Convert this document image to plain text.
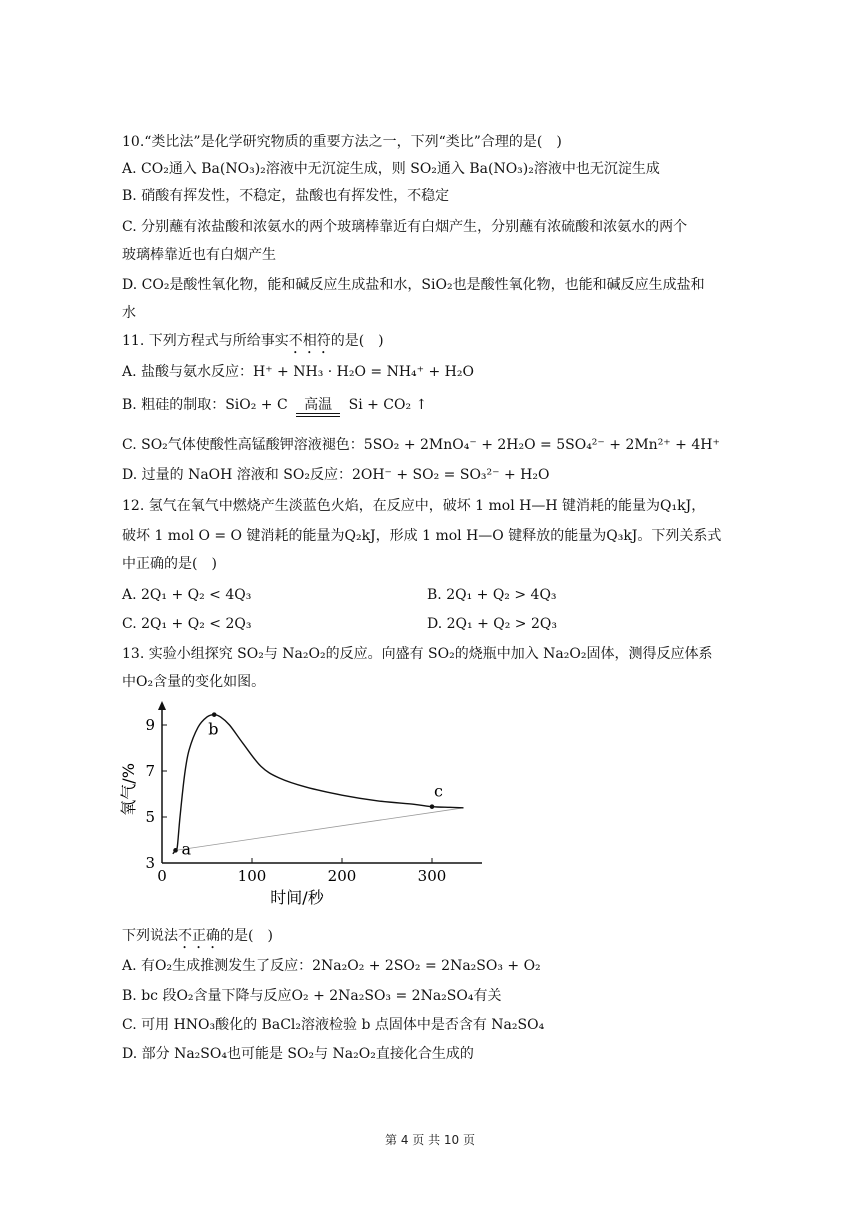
10.“类比法”是化学研究物质的重要方法之一，下列“类比”合理的是(　)
A. CO₂通入 Ba(NO₃)₂溶液中无沉淀生成，则 SO₂通入 Ba(NO₃)₂溶液中也无沉淀生成
B. 硝酸有挥发性，不稳定，盐酸也有挥发性，不稳定
C. 分别蘸有浓盐酸和浓氨水的两个玻璃棒靠近有白烟产生，分别蘸有浓硫酸和浓氨水的两个
玻璃棒靠近也有白烟产生
D. CO₂是酸性氧化物，能和碱反应生成盐和水，SiO₂也是酸性氧化物，也能和碱反应生成盐和
水
11. 下列方程式与所给事实不相符的是(　)
A. 盐酸与氨水反应：H⁺ + NH₃ · H₂O = NH₄⁺ + H₂O
B. 粗硅的制取：SiO₂ + C	高温	Si + CO₂ ↑
C. SO₂气体使酸性高锰酸钾溶液褪色：5SO₂ + 2MnO₄⁻ + 2H₂O = 5SO₄²⁻ + 2Mn²⁺ + 4H⁺
D. 过量的 NaOH 溶液和 SO₂反应：2OH⁻ + SO₂ = SO₃²⁻ + H₂O
12. 氢气在氧气中燃烧产生淡蓝色火焰，在反应中，破坏 1 mol H—H 键消耗的能量为Q₁kJ，
破坏 1 mol O = O 键消耗的能量为Q₂kJ，形成 1 mol H—O 键释放的能量为Q₃kJ。下列关系式
中正确的是(　)
A. 2Q₁ + Q₂ < 4Q₃	B. 2Q₁ + Q₂ > 4Q₃
C. 2Q₁ + Q₂ < 2Q₃	D. 2Q₁ + Q₂ > 2Q₃
13. 实验小组探究 SO₂与 Na₂O₂的反应。向盛有 SO₂的烧瓶中加入 Na₂O₂固体，测得反应体系
中O₂含量的变化如图。
0	100	200	300
3
5
7
9
时间/秒
氧气/%
a
b
c
下列说法不正确的是(　)
A. 有O₂生成推测发生了反应：2Na₂O₂ + 2SO₂ = 2Na₂SO₃ + O₂
B. bc 段O₂含量下降与反应O₂ + 2Na₂SO₃ = 2Na₂SO₄有关
C. 可用 HNO₃酸化的 BaCl₂溶液检验 b 点固体中是否含有 Na₂SO₄
D. 部分 Na₂SO₄也可能是 SO₂与 Na₂O₂直接化合生成的
第 4 页 共 10 页
